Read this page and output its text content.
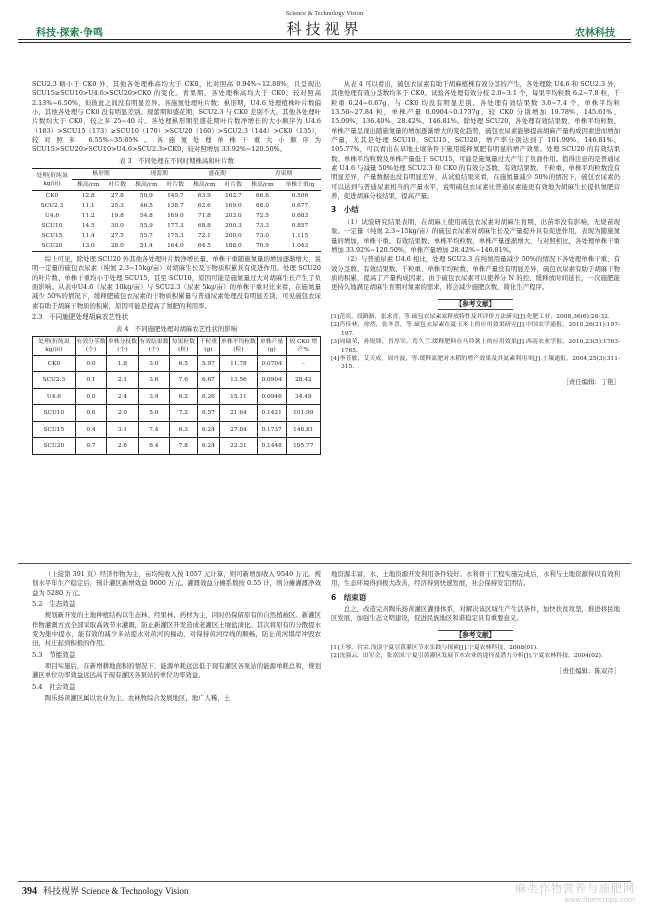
Science & Technology Vision
科技视界
科技·探索·争鸣	农林科技

SCU2.3 略小于 CK0 外，其他各处理株高均大于 CK0，比对照高 0.94%~12.88%，且呈现出 SCU15≥SCU10>U4.6>SCU20>CK0 的变化。青果期，各处理株高均大于 CK0，较对照高 2.13%~6.50%，但彼此之间没有明显差异。各施氮处理叶片数：枞形期，U4.6 处理植株叶片数偏小，其他各处理与 CK0 没有明显差别。现蕾期和盛花期，SCU2.3 与 CK0 差别不大，其他各处理叶片数均大于 CK0，较之多 25~40 片。各处理枞形期至盛花期叶片数净增长的大小顺序为 U4.6（183）>SCU15（173）≥SCU10（170）>SCU20（160）>SCU2.3（144）>CK0（135），较对照多 6.55%~35.85%。各施氮处理单株干重大小顺序为 SCU15>SCU20>SCU10>U4.6>SCU2.3>CK0，较对照增加 33.92%~120.50%。

表 3　不同处理在不同时期株高和叶片数
处理(折纯氮 kg/亩)	枞形期		现蕾期		盛花期		青果期	
	株高/cm	叶片数	株高/cm	叶片数	株高/cm	叶片数	株高/cm	单株干重/g
CK0	12.8	27.8	50.9	145.7	63.9	162.7	66.6	0.506
SCU2.3	11.1	25.3	46.5	138.7	62.6	169.0	68.0	0.677
U4.6	11.2	19.8	54.8	169.0	71.8	203.0	72.5	0.683
SCU10	14.5	30.0	55.9	177.3	68.8	200.3	73.3	0.857
SCU15	11.4	27.5	55.7	175.3	72.1	200.0	73.0	1.115
SCU20	13.0	28.0	51.4	164.0	64.5	188.0	70.9	1.043

综上可见，除处理 SCU20 外其他各处理叶片数净增长量、单株干重随施氮量的增加逐渐增大，说明一定量的硫包衣尿素（纯氮 2.3~15kg/亩）对胡麻生长及干物质积累具有促进作用。处理 SCU20 的叶片数、单株干重均小于处理 SCU15，甚至 SCU10，原因可能是施氮量过大对胡麻生长产生了负面影响。从表中U4.6（尿素 10kg/亩）与 SCU2.3（尿素 5kg/亩）的单株干重对比来看，在施氮量减少 50%的情况下，缓释肥硫包衣尿素的干物质积累量与普通尿素处理没有明显差别，可见硫包衣尿素有助于胡麻干物质的积累，原因可能是提高了氮肥的利用率。

2.3　不同施肥处理胡麻农艺性状
表 4　不同施肥处理对胡麻农艺性状的影响
处理(折纯氮 kg/亩)	有效分茎数(个)	单株分枝数(个)	有效结果数(个)	每果粒数(粒)	千粒重(g)	单株平均粒数(粒)	单株产量(g)	较 CK0 增产%
CK0	0.0	1.8	3.0	6.5	5.97	11.78	0.0704	–
SCU2.3	0.1	2.1	3.6	7.6	6.67	13.56	0.0904	28.42
U4.6	0.0	2.4	3.9	6.2	6.26	15.11	0.0946	34.49
SCU10	0.6	2.0	5.0	7.2	6.57	21.64	0.1421	101.99
SCU15	0.4	3.1	7.4	6.3	6.24	27.84	0.1737	146.81
SCU20	0.7	2.6	6.4	7.8	6.24	22.31	0.1448	105.77

从表 4 可以看出，硫包衣尿素有助于胡麻植株有效分茎的产生，各处理除 U4.6 和 SCU2.3 外，其他处理有效分茎数均多于 CK0。试验各处理有效分枝 2.0~3.1 个，每果平均粒数 6.2~7.8 粒，千粒重 6.24~6.67g，与 CK0 均没有明显差别。各处理有效结果数 3.6~7.4 个，单株平均粒 13.56~27.84 粒，单株产量 0.0904~0.1737g，较 CK0 分别增加 19.78%、145.61%、15.09%、136.40%、28.42%、146.81%。除处理 SCU20，各处理有效结果数、单株平均粒数、单株产量呈现出随施氮量的增加逐渐增大的变化趋势，硫包衣尿素能够提高胡麻产量构成因素进而增加产量，尤其是处理 SCU10、SCU15、SCU20，增产率分别达到了 101.99%、146.81%、105.77%，可以看出在旱地土壤条件下施用缓释氮肥有明显的增产效果。处理 SCU20 的有效结果数、单株平均粒数及单株产量低于 SCU15，可能是施氮量过大产生了负面作用。值得注意的是普通尿素 U4.6 与减量 50%处理 SCU2.3 和 CK0 的有效分茎数、有效结果数、千粒重、单株平均粒数没有明显差异，产量数据也没有明显差异，从试验结果来看，在施氮量减少 50%的情况下，硫包衣尿素仍可以达到与普通尿素相当的产量水平，说明硫包衣尿素比普通尿素能更有效地为胡麻生长提供氮肥营养，促进胡麻分枝结果，提高产量。

3　小结

（1）试验研究结果表明，在胡麻上使用硫包衣尿素对胡麻生育期、出苗率没有影响，无烧苗现象。一定量（纯氮 2.3~15kg/亩）的硫包衣尿素对胡麻生长及产量提升具有促进作用，表现为随施氮量的增加，单株干重、有效结果数、单株平均粒数、单株产量逐渐增大，与对照相比，各处理单株干重增加 33.92%~120.50%，单株产量增加 28.42%~146.81%。

（2）与普通尿素 U4.6 相比，处理 SCU2.3 在纯氮用量减少 50%的情况下各处理单株干重、有效分茎数、有效结果数、千粒重、单株平均粒数、单株产量没有明显差异，硫包衣尿素有助于胡麻干物质的积累，提高了产量构成因素。由于硫包衣尿素可以使养分 N 的控、缓释放时间延长，一次施肥能更持久地满足胡麻生育期对氮素的需求，将会减少施肥次数，简化生产程序。

【参考文献】
[1]范宾，段路路，张求喜，等.硫包衣尿素氮释放特性及其评价方法研究[J].化肥工业，2008,36(6):28-32.
[2]肖佳林，徐然，张冬喜，等.硫包衣尿素在夏玉米上的应用效果研究[J].中国农学通报，2010,26(21):197-197.
[3]周瑞荣，孙锐锋，肖厚军，苟久兰.缓释肥料在马铃薯上的应用效果[J].西南农业学报，2010,23(5):1763-1765.
[4]李芳敏，艾天成，周丹波，等.缓释氮肥对水稻的增产效果及其氮素利用率[J].土壤通报，2004,25(3):311-315.
［责任编辑：丁艳］

（上接第 391 页）经济作物为主，亩均纯收入按 1057 元计算，则可新增加收入 9540 万元。规划水平年生产稳定后，预计灌区新增效益 9600 万元。灌溉效益分摊系数按 0.55 计，则分摊灌溉净效益为 5280 万元。

5.2　生态效益

规划新开发的土地种植结构以生态林、经果林、药材为主，同时仍保留原有的自然植被区。新灌区作物灌溉方式全部采取高效节水灌溉，防止新灌区开发造成老灌区土壤盐渍化。其次将原有的分散提水变为集中提水，能有效的减少多站提水对黄河的撞动，对保持黄河岸线的顺畅，防止黄河塌岸冲毁农田，村庄起到积极的作用。

5.3　节能效益

项目实施后，在新增耕地面积的情况下，能源单耗远远低于现有灌区各泵站的能源单耗总和，规划灌区单位功率效益远远高于现有灌区各泵站的单位功率效益。

5.4　社会效益

陶乐扬黄灌区属以农业为主、农林牧综合发展地区，地广人稀，土

地资源丰富，水、土地资源开发利用条件较好。水利骨干工程实施完成后，水利与土地资源得以有效利用，生态环境得到极大改善，经济得到快速发展，社会保持安定团结。

6　结束语

总之，改造完善陶乐扬黄灌区灌排体系，对解决该区域生产生活条件，加快扶贫攻坚，推进移民地区发展，加强生态文明建设，促进民族地区和谐稳定具有重要意义。

【参考文献】
[1]王琴，宫宗.浅谈宁夏引黄灌区节水实践与探索[J].宁夏农林科技，2008(01).
[2]沈强云，田军会，张富国.宁夏引黄灌区发展节水农业的途径及潜力分析[J].宁夏农林科技，2004(02).
［责任编辑：陈双芹］
394 科技视界 Science & Technology Vision	麻类作物营养与施肥网
www.fibercrops.com
